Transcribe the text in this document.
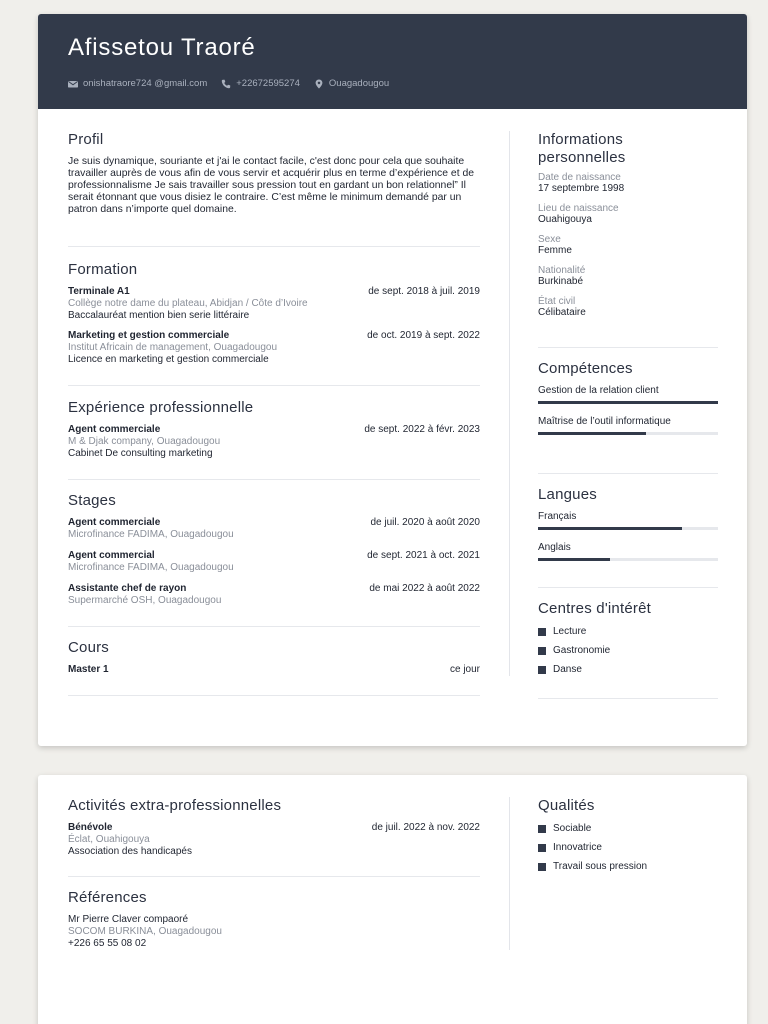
Afissetou Traoré
onishatraore724 @gmail.com	+22672595274	Ouagadougou
Profil
Je suis dynamique, souriante et j'ai le contact facile, c'est donc pour cela que souhaite travailler auprès de vous afin de vous servir et acquérir plus en terme d’expérience et de professionnalisme Je sais travailler sous pression tout en gardant un bon relationnel” Il serait étonnant que vous disiez le contraire. C’est même le minimum demandé par un patron dans n’importe quel domaine.
Formation
Terminale A1	de sept. 2018 à juil. 2019
Collège notre dame du plateau, Abidjan / Côte d’Ivoire
Baccalauréat mention bien serie littéraire
Marketing et gestion commerciale	de oct. 2019 à sept. 2022
Institut Africain de management, Ouagadougou
Licence en marketing et gestion commerciale
Expérience professionnelle
Agent commerciale	de sept. 2022 à févr. 2023
M & Djak company, Ouagadougou
Cabinet De consulting marketing
Stages
Agent commerciale	de juil. 2020 à août 2020
Microfinance FADIMA, Ouagadougou
Agent commercial	de sept. 2021 à oct. 2021
Microfinance FADIMA, Ouagadougou
Assistante chef de rayon	de mai 2022 à août 2022
Supermarché OSH, Ouagadougou
Cours
Master 1	ce jour
Informations
personnelles
Date de naissance
17 septembre 1998
Lieu de naissance
Ouahigouya
Sexe
Femme
Nationalité
Burkinabé
État civil
Célibataire
Compétences
Gestion de la relation client
Maîtrise de l’outil informatique
Langues
Français
Anglais
Centres d'intérêt
Lecture
Gastronomie
Danse
Activités extra-professionnelles
Bénévole	de juil. 2022 à nov. 2022
Éclat, Ouahigouya
Association des handicapés
Références
Mr Pierre Claver compaoré
SOCOM BURKINA, Ouagadougou
+226 65 55 08 02
Qualités
Sociable
Innovatrice
Travail sous pression
